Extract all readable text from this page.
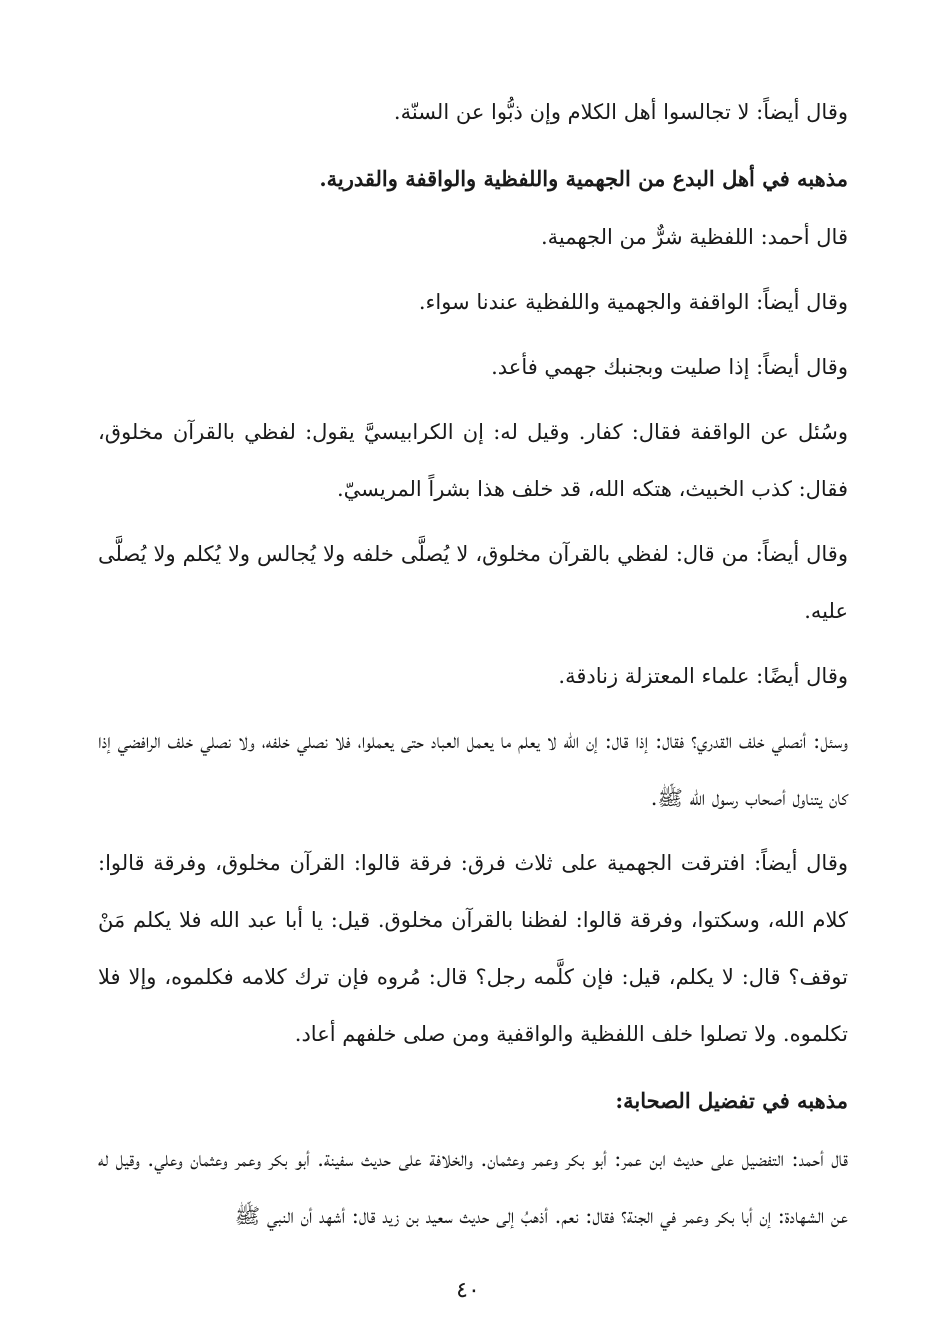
وقال أيضاً: لا تجالسوا أهل الكلام وإن ذبُّوا عن السنّة.

مذهبه في أهل البدع من الجهمية واللفظية والواقفة والقدرية.

قال أحمد: اللفظية شرٌّ من الجهمية.

وقال أيضاً: الواقفة والجهمية واللفظية عندنا سواء.

وقال أيضاً: إذا صليت وبجنبك جهمي فأعد.

وسُئل عن الواقفة فقال: كفار. وقيل له: إن الكرابيسيَّ يقول: لفظي بالقرآن مخلوق، فقال: كذب الخبيث، هتكه الله، قد خلف هذا بشراً المريسيّ.

وقال أيضاً: من قال: لفظي بالقرآن مخلوق، لا يُصلَّى خلفه ولا يُجالس ولا يُكلم ولا يُصلَّى عليه.

وقال أيضًا: علماء المعتزلة زنادقة.

وسئل: أنصلي خلف القدري؟ فقال: إذا قال: إن الله لا يعلم ما يعمل العباد حتى يعملوا، فلا نصلي خلفه، ولا نصلي خلف الرافضي إذا كان يتناول أصحاب رسول الله ﷺ.

وقال أيضاً: افترقت الجهمية على ثلاث فرق: فرقة قالوا: القرآن مخلوق، وفرقة قالوا: كلام الله، وسكتوا، وفرقة قالوا: لفظنا بالقرآن مخلوق. قيل: يا أبا عبد الله فلا يكلم مَنْ توقف؟ قال: لا يكلم، قيل: فإن كلَّمه رجل؟ قال: مُروه فإن ترك كلامه فكلموه، وإلا فلا تكلموه. ولا تصلوا خلف اللفظية والواقفية ومن صلى خلفهم أعاد.

مذهبه في تفضيل الصحابة:

قال أحمد: التفضيل على حديث ابن عمر: أبو بكر وعمر وعثمان. والخلافة على حديث سفينة. أبو بكر وعمر وعثمان وعلي. وقيل له عن الشهادة: إن أبا بكر وعمر في الجنة؟ فقال: نعم. أذهبُ إلى حديث سعيد بن زيد قال: أشهد أن النبي ﷺ

٤٠
